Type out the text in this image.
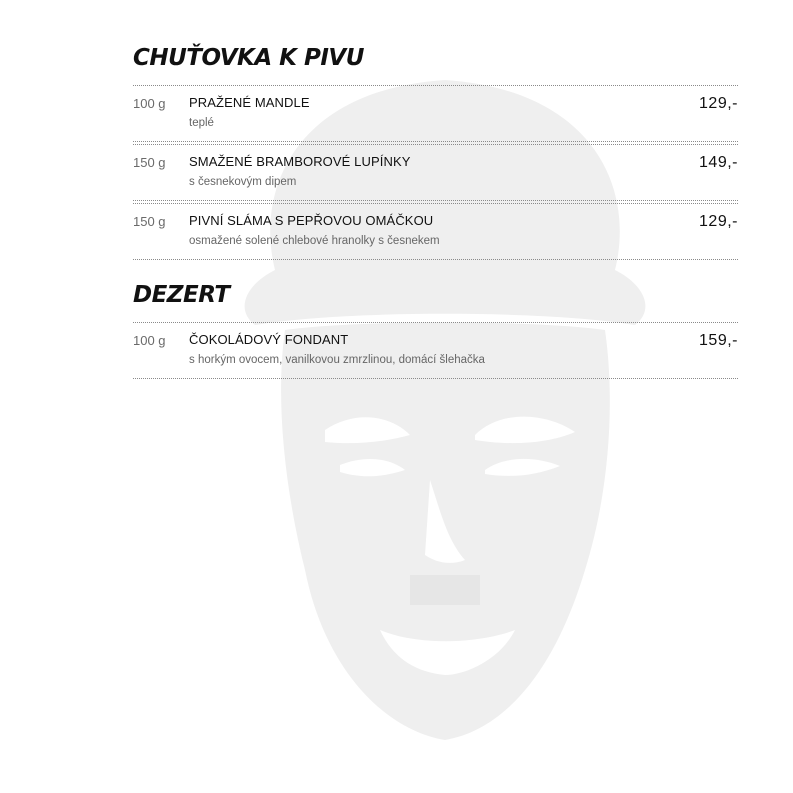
CHUŤOVKA K PIVU
100 g PRAŽENÉ MANDLE
teplé
129,-
150 g SMAŽENÉ BRAMBOROVÉ LUPÍNKY
s česnekovým dipem
149,-
150 g PIVNÍ SLÁMA S PEPŘOVOU OMÁČKOU
osmažené solené chlebové hranolky s česnekem
129,-
DEZERT
100 g ČOKOLÁDOVÝ FONDANT
s horkým ovocem, vanilkovou zmrzlinou, domácí šlehačka
159,-
